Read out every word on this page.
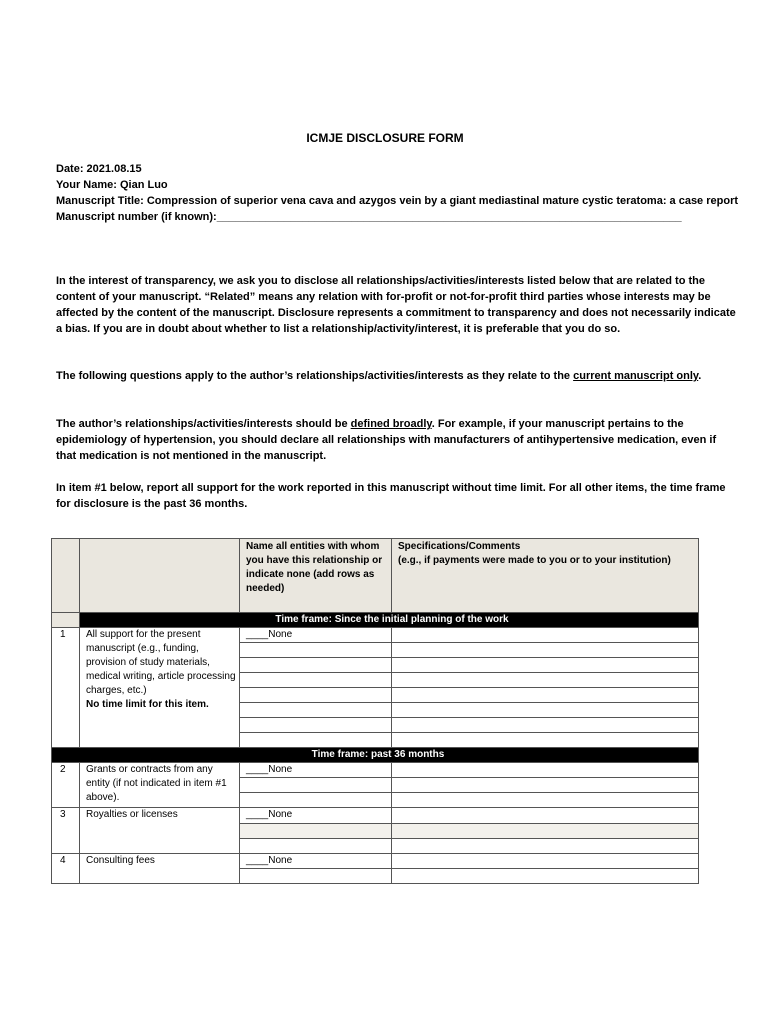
ICMJE DISCLOSURE FORM
Date: 2021.08.15
Your Name: Qian Luo
Manuscript Title: Compression of superior vena cava and azygos vein by a giant mediastinal mature cystic teratoma: a case report
Manuscript number (if known):____________________________________________________________________________
In the interest of transparency, we ask you to disclose all relationships/activities/interests listed below that are related to the content of your manuscript. “Related” means any relation with for-profit or not-for-profit third parties whose interests may be affected by the content of the manuscript. Disclosure represents a commitment to transparency and does not necessarily indicate a bias. If you are in doubt about whether to list a relationship/activity/interest, it is preferable that you do so.
The following questions apply to the author’s relationships/activities/interests as they relate to the current manuscript only.
The author’s relationships/activities/interests should be defined broadly. For example, if your manuscript pertains to the epidemiology of hypertension, you should declare all relationships with manufacturers of antihypertensive medication, even if that medication is not mentioned in the manuscript.
In item #1 below, report all support for the work reported in this manuscript without time limit. For all other items, the time frame for disclosure is the past 36 months.
		Name all entities with whom you have this relationship or indicate none (add rows as needed)	Specifications/Comments
(e.g., if payments were made to you or to your institution)

	Time frame: Since the initial planning of the work		
1	All support for the present manuscript (e.g., funding, provision of study materials, medical writing, article processing charges, etc.)
No time limit for this item.	____None	

Time frame: past 36 months			
2	Grants or contracts from any entity (if not indicated in item #1 above).	____None	

3	Royalties or licenses	____None	

4	Consulting fees	____None	
